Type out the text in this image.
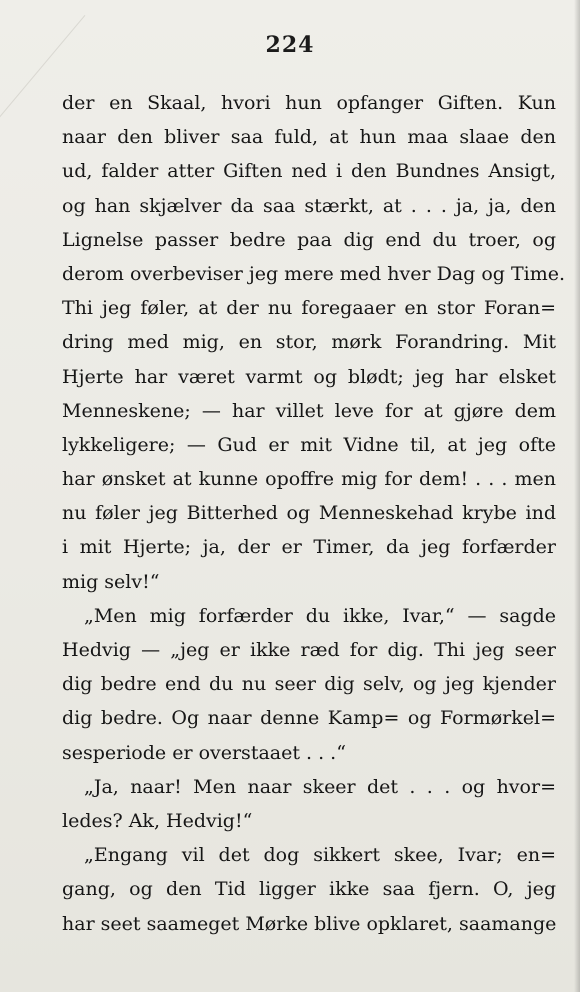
224
der en Skaal, hvori hun opfanger Giften. Kun
naar den bliver saa fuld, at hun maa slaae den
ud, falder atter Giften ned i den Bundnes Ansigt,
og han skjælver da saa stærkt, at . . . ja, ja, den
Lignelse passer bedre paa dig end du troer, og
derom overbeviser jeg mere med hver Dag og Time.
Thi jeg føler, at der nu foregaaer en stor Foran=
dring med mig, en stor, mørk Forandring. Mit
Hjerte har været varmt og blødt; jeg har elsket
Menneskene; — har villet leve for at gjøre dem
lykkeligere; — Gud er mit Vidne til, at jeg ofte
har ønsket at kunne opoffre mig for dem! . . . men
nu føler jeg Bitterhed og Menneskehad krybe ind
i mit Hjerte; ja, der er Timer, da jeg forfærder
mig selv!“
„Men mig forfærder du ikke, Ivar,“ — sagde
Hedvig — „jeg er ikke ræd for dig. Thi jeg seer
dig bedre end du nu seer dig selv, og jeg kjender
dig bedre. Og naar denne Kamp= og Formørkel=
sesperiode er overstaaet . . .“
„Ja, naar! Men naar skeer det . . . og hvor=
ledes? Ak, Hedvig!“
„Engang vil det dog sikkert skee, Ivar; en=
gang, og den Tid ligger ikke saa fjern. O, jeg
har seet saameget Mørke blive opklaret, saamange
